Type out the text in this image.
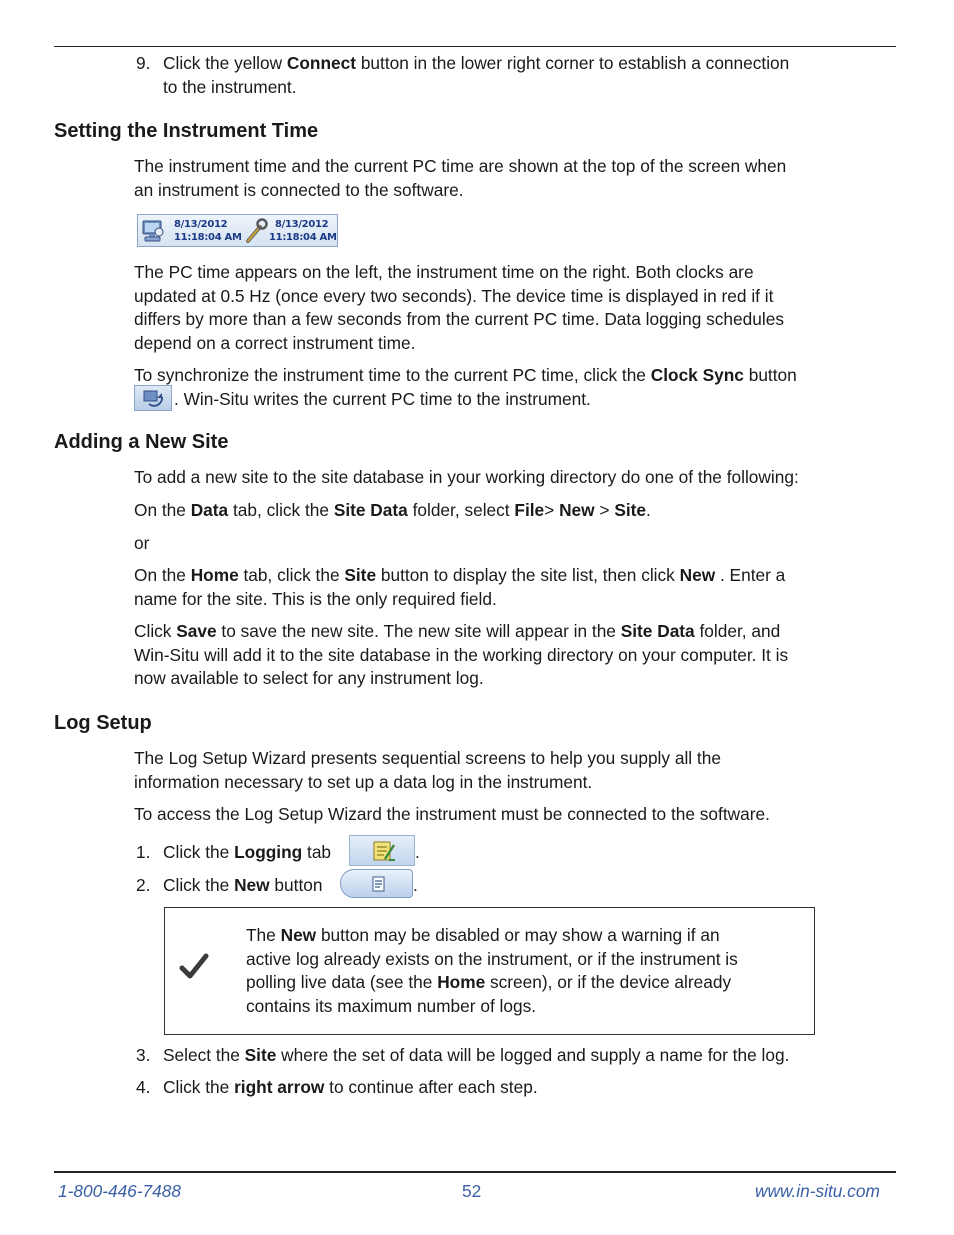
9. Click the yellow Connect button in the lower right corner to establish a connection
to the instrument.
Setting the Instrument Time
The instrument time and the current PC time are shown at the top of the screen when
an instrument is connected to the software.
8/13/2012
11:18:04 AM
8/13/2012
11:18:04 AM
The PC time appears on the left, the instrument time on the right. Both clocks are
updated at 0.5 Hz (once every two seconds). The device time is displayed in red if it
differs by more than a few seconds from the current PC time. Data logging schedules
depend on a correct instrument time.
To synchronize the instrument time to the current PC time, click the Clock Sync button
. Win-Situ writes the current PC time to the instrument.
Adding a New Site
To add a new site to the site database in your working directory do one of the following:
On the Data tab, click the Site Data folder, select File> New > Site.
or
On the Home tab, click the Site button to display the site list, then click New . Enter a
name for the site. This is the only required field.
Click Save to save the new site. The new site will appear in the Site Data folder, and
Win-Situ will add it to the site database in the working directory on your computer. It is
now available to select for any instrument log.
Log Setup
The Log Setup Wizard presents sequential screens to help you supply all the
information necessary to set up a data log in the instrument.
To access the Log Setup Wizard the instrument must be connected to the software.
1. Click the Logging tab	.
2. Click the New button	.
The New button may be disabled or may show a warning if an
active log already exists on the instrument, or if the instrument is
polling live data (see the Home screen), or if the device already
contains its maximum number of logs.
3. Select the Site where the set of data will be logged and supply a name for the log.
4. Click the right arrow to continue after each step.
1-800-446-7488	52	www.in-situ.com
